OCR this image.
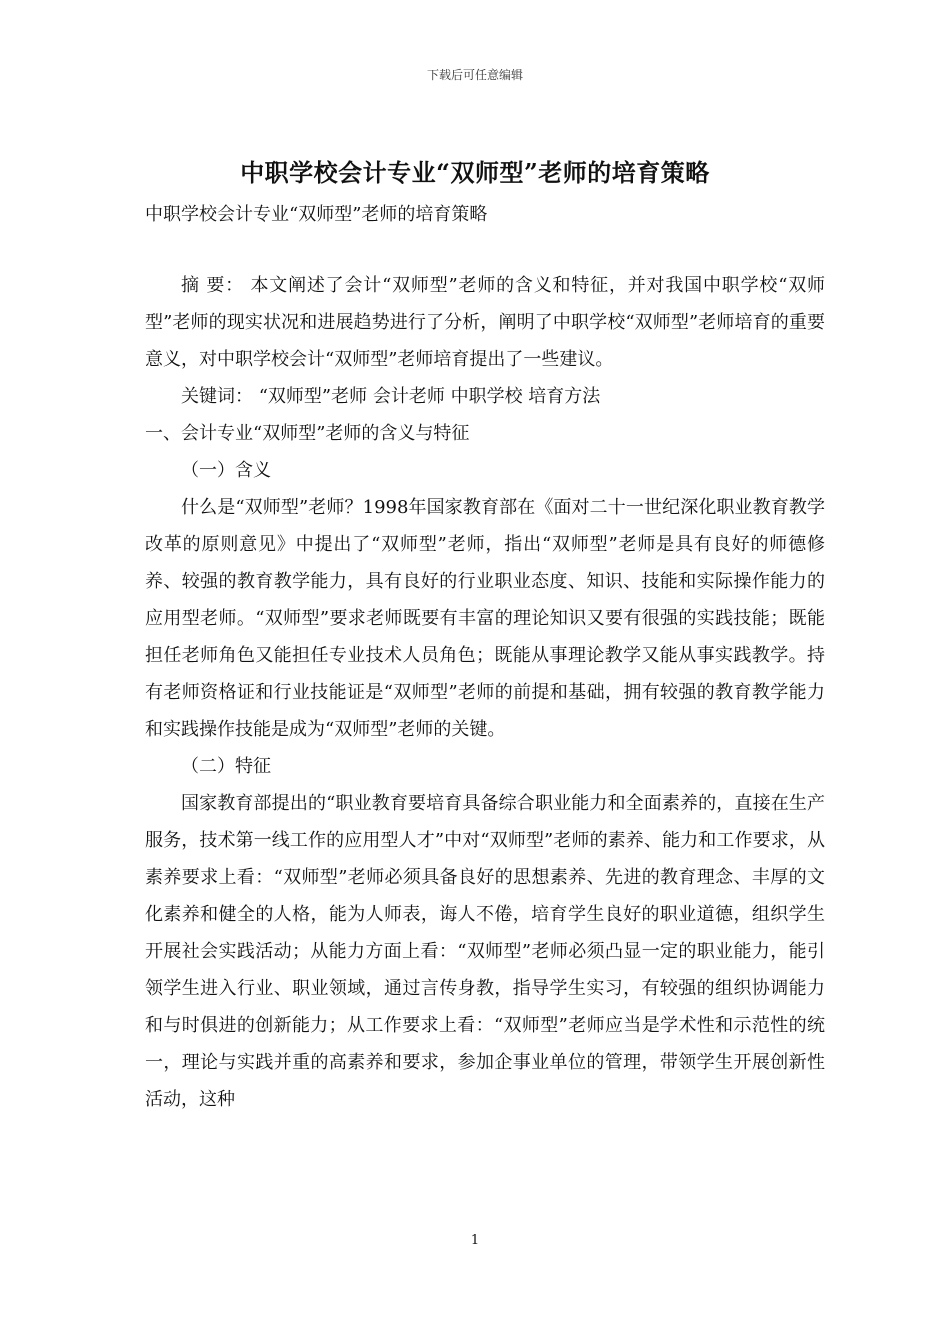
下载后可任意编辑
中职学校会计专业“双师型”老师的培育策略

中职学校会计专业“双师型”老师的培育策略

摘 要： 本文阐述了会计“双师型”老师的含义和特征，并对我国中职学校“双师型”老师的现实状况和进展趋势进行了分析，阐明了中职学校“双师型”老师培育的重要意义，对中职学校会计“双师型”老师培育提出了一些建议。

关键词： “双师型”老师 会计老师 中职学校 培育方法

一、会计专业“双师型”老师的含义与特征

（一）含义

什么是“双师型”老师？1998年国家教育部在《面对二十一世纪深化职业教育教学改革的原则意见》中提出了“双师型”老师，指出“双师型”老师是具有良好的师德修养、较强的教育教学能力，具有良好的行业职业态度、知识、技能和实际操作能力的应用型老师。“双师型”要求老师既要有丰富的理论知识又要有很强的实践技能；既能担任老师角色又能担任专业技术人员角色；既能从事理论教学又能从事实践教学。持有老师资格证和行业技能证是“双师型”老师的前提和基础，拥有较强的教育教学能力和实践操作技能是成为“双师型”老师的关键。

（二）特征

国家教育部提出的“职业教育要培育具备综合职业能力和全面素养的，直接在生产服务，技术第一线工作的应用型人才”中对“双师型”老师的素养、能力和工作要求，从素养要求上看：“双师型”老师必须具备良好的思想素养、先进的教育理念、丰厚的文化素养和健全的人格，能为人师表，诲人不倦，培育学生良好的职业道德，组织学生开展社会实践活动；从能力方面上看：“双师型”老师必须凸显一定的职业能力，能引领学生进入行业、职业领域，通过言传身教，指导学生实习，有较强的组织协调能力和与时俱进的创新能力；从工作要求上看：“双师型”老师应当是学术性和示范性的统一，理论与实践并重的高素养和要求，参加企事业单位的管理，带领学生开展创新性活动，这种

1
